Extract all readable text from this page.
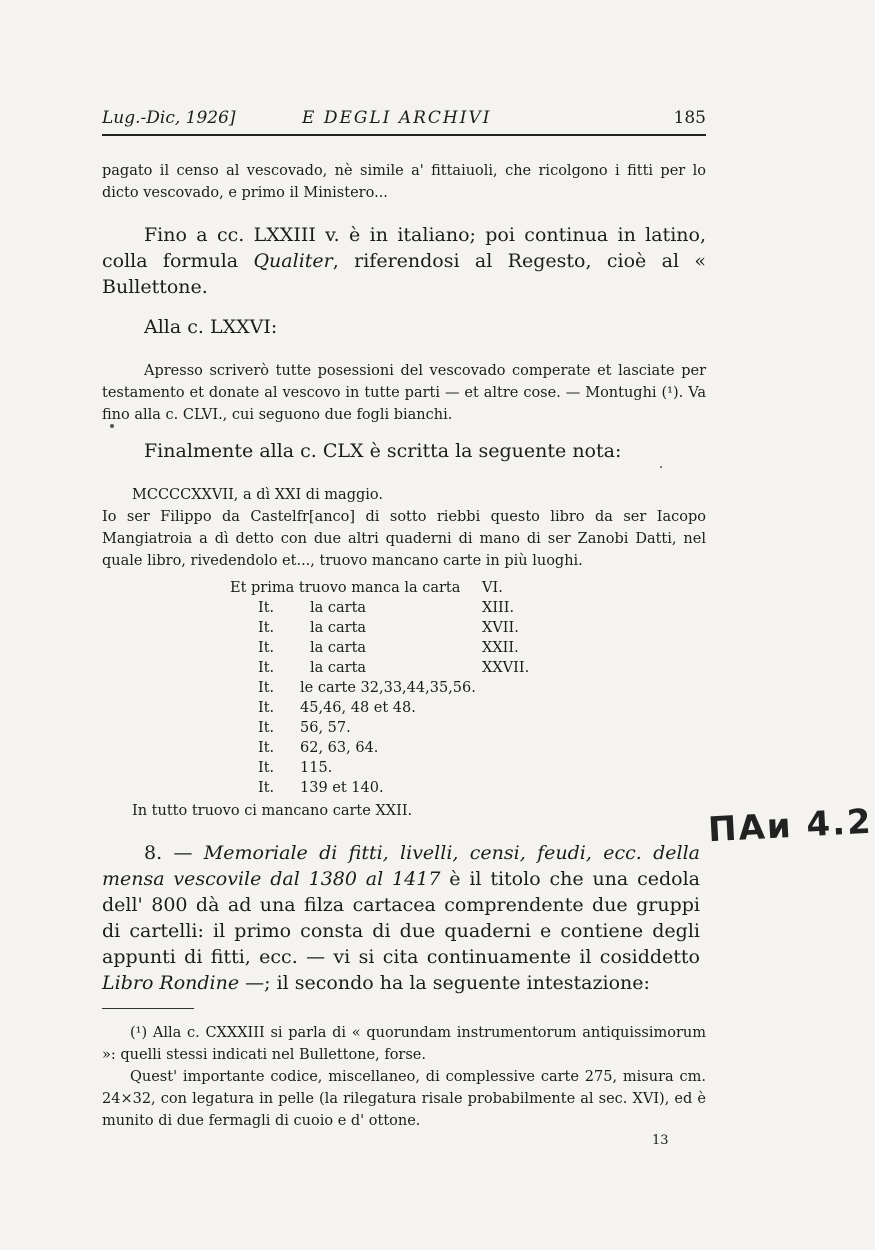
Lug.-Dic, 1926]	E DEGLI ARCHIVI	185

pagato il censo al vescovado, nè simile a' fittaiuoli, che ricolgono i fitti per lo dicto vescovado, e primo il Ministero...

Fino a cc. LXXIII v. è in italiano; poi continua in latino, colla formula Qualiter, riferendosi al Regesto, cioè al « Bullettone.

Alla c. LXXVI:

Apresso scriverò tutte posessioni del vescovado comperate et lasciate per testamento et donate al vescovo in tutte parti — et altre cose. — Montughi (¹). Va fino alla c. CLVI., cui seguono due fogli bianchi.

Finalmente alla c. CLX è scritta la seguente nota:

MCCCCXXVII, a dì XXI di maggio.

Io ser Filippo da Castelfr[anco] di sotto riebbi questo libro da ser Iacopo Mangiatroia a dì detto con due altri quaderni di mano di ser Zanobi Datti, nel quale libro, rivedendolo et..., truovo mancano carte in più luoghi.

Et prima truovo manca la carta VI.
It. la carta	XIII.
It. la carta	XVII.
It. la carta	XXII.
It. la carta	XXVII.
It. le carte 32,33,44,35,56.
It. 45,46, 48 et 48.
It. 56, 57.
It. 62, 63, 64.
It. 115.
It. 139 et 140.

In tutto truovo ci mancano carte XXII.

8. — Memoriale di fitti, livelli, censi, feudi, ecc. della mensa vescovile dal 1380 al 1417 è il titolo che una cedola dell' 800 dà ad una filza cartacea comprendente due gruppi di cartelli: il primo consta di due quaderni e contiene degli appunti di fitti, ecc. — vi si cita continuamente il cosiddetto Libro Rondine —; il secondo ha la seguente intestazione:

ПАи 4.2

(¹) Alla c. CXXXIII si parla di « quorundam instrumentorum antiquissimorum »: quelli stessi indicati nel Bullettone, forse.

Quest' importante codice, miscellaneo, di complessive carte 275, misura cm. 24×32, con legatura in pelle (la rilegatura risale probabilmente al sec. XVI), ed è munito di due fermagli di cuoio e d' ottone.

13
